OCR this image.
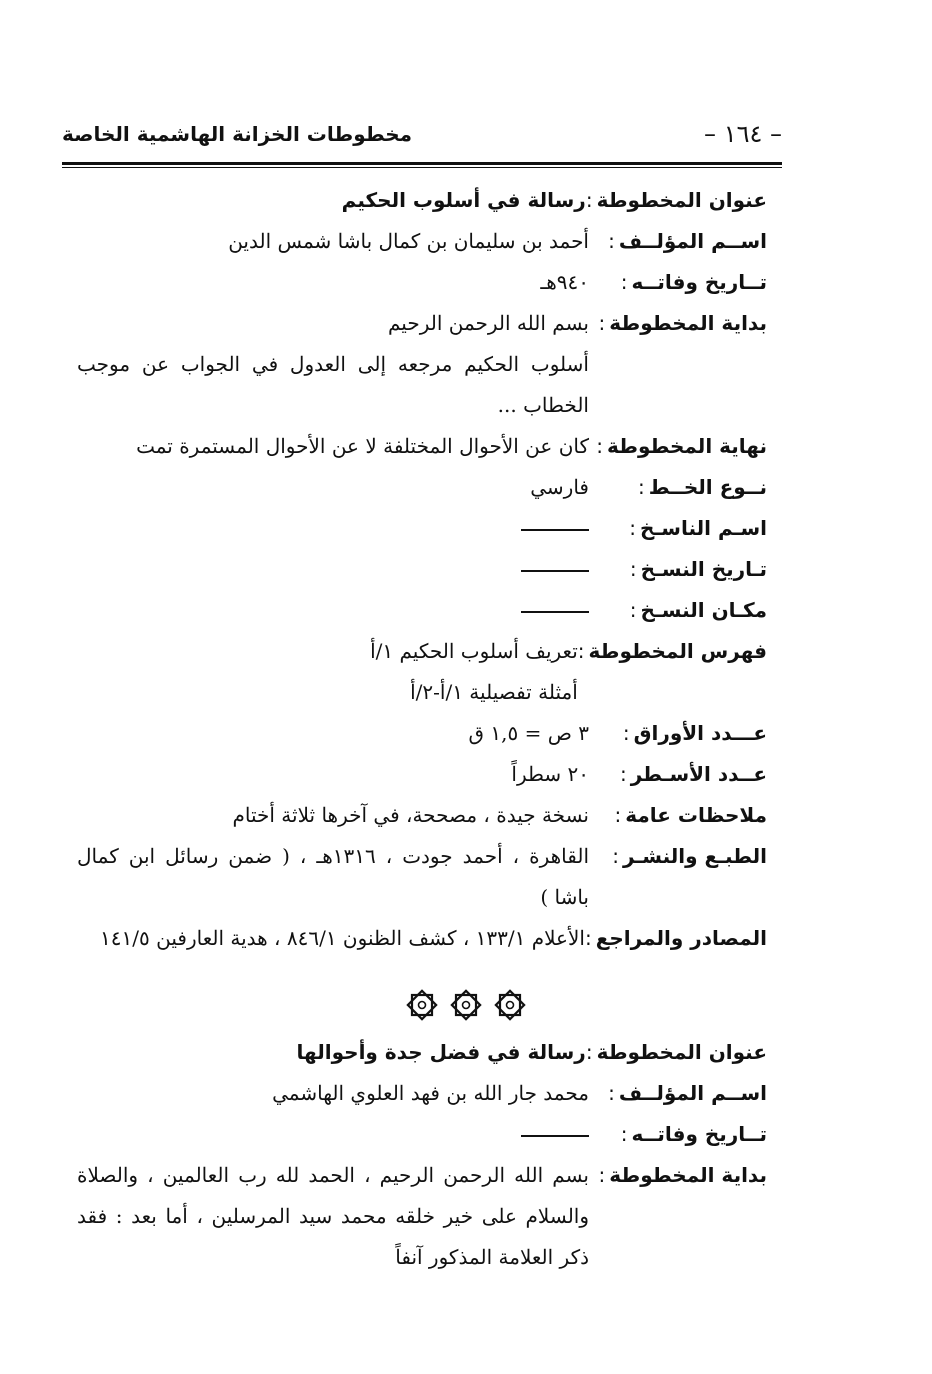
– ١٦٤ –
مخطوطات الخزانة الهاشمية الخاصة
عنوان المخطوطة:
رسالة في أسلوب الحكيم
اســم المؤلــف:
أحمد بن سليمان بن كمال باشا شمس الدين
تــاريخ وفاتــه:
٩٤٠هـ
بداية المخطوطة:
بسم الله الرحمن الرحيم
أسلوب الحكيم مرجعه إلى العدول في الجواب عن موجب الخطاب ...
نهاية المخطوطة:
كان عن الأحوال المختلفة لا عن الأحوال المستمرة تمت
نــوع الخــط:
فارسي
اسـم الناسـخ:
تـاريخ النسـخ:
مكـان النسـخ:
فهرس المخطوطة:
تعريف أسلوب الحكيم ١/أ
أمثلة تفصيلية ١/أ-٢/أ
عـــدد الأوراق:
٣ ص = ١,٥ ق
عــدد الأسـطر:
٢٠ سطراً
ملاحظات عامة:
نسخة جيدة ، مصححة، في آخرها ثلاثة أختام
الطبـع والنشـر:
القاهرة ، أحمد جودت ، ١٣١٦هـ ، ( ضمن رسائل ابن كمال باشا )
المصادر والمراجع:
الأعلام ١٣٣/١ ، كشف الظنون ٨٤٦/١ ، هدية العارفين ١٤١/٥
عنوان المخطوطة:
رسالة في فضل جدة وأحوالها
اســم المؤلــف:
محمد جار الله بن فهد العلوي الهاشمي
تــاريخ وفاتــه:
بداية المخطوطة:
بسم الله الرحمن الرحيم ، الحمد لله رب العالمين ، والصلاة والسلام على خير خلقه محمد سيد المرسلين ، أما بعد : فقد ذكر العلامة المذكور آنفاً
